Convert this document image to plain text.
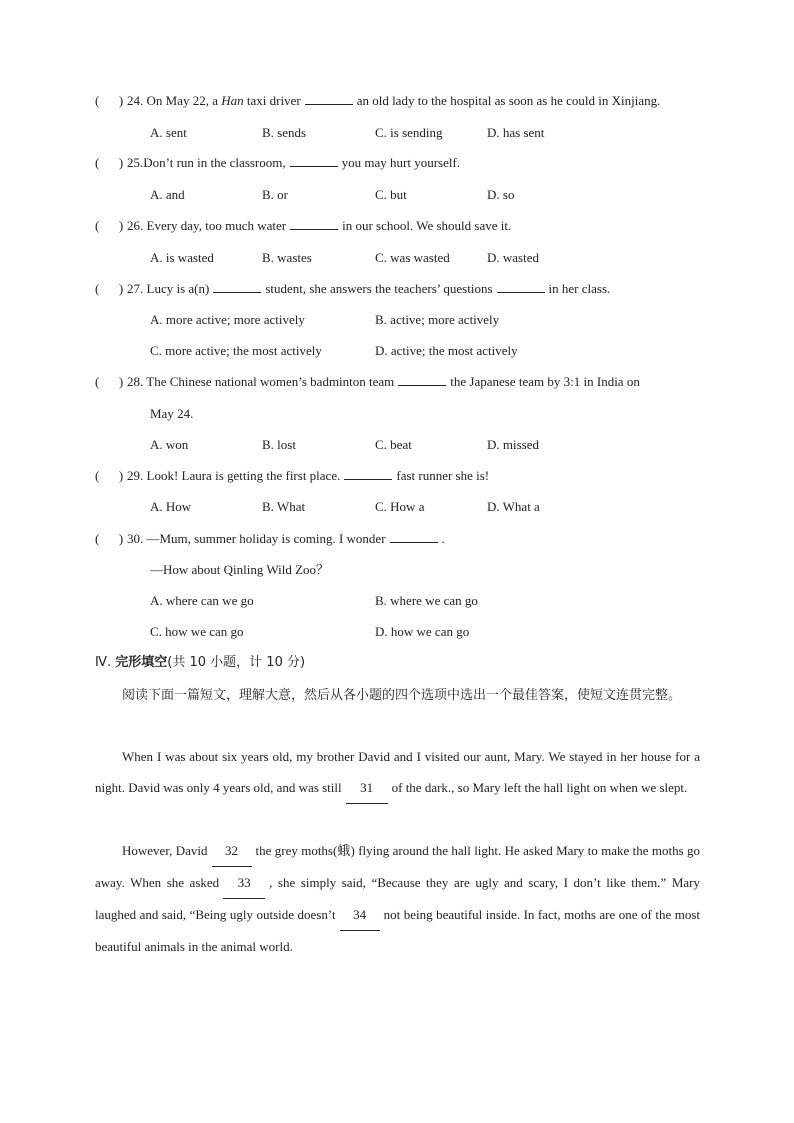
(      ) 24. On May 22, a Han taxi driver	an old lady to the hospital as soon as he could in Xinjiang.
A. sent	B. sends	C. is sending	D. has sent
(      ) 25.Don’t run in the classroom,	you may hurt yourself.
A. and	B. or	C. but	D. so
(      ) 26. Every day, too much water	in our school. We should save it.
A. is wasted	B. wastes	C. was wasted	D. wasted
(      ) 27. Lucy is a(n)	student, she answers the teachers’ questions	in her class.
A. more active; more actively	B. active; more actively
C. more active; the most actively	D. active; the most actively
(      ) 28. The Chinese national women’s badminton team	the Japanese team by 3:1 in India on
May 24.
A. won	B. lost	C. beat	D. missed
(      ) 29. Look! Laura is getting the first place.	fast runner she is!
A. How	B. What	C. How a	D. What a
(      ) 30. —Mum, summer holiday is coming. I wonder	.
—How about Qinling Wild Zoo？
A. where can we go	B. where we can go
C. how we can go	D. how we can go
Ⅳ. 完形填空(共 10 小题，计 10 分)
阅读下面一篇短文，理解大意，然后从各小题的四个选项中选出一个最佳答案，使短文连贯完整。
When I was about six years old, my brother David and I visited our aunt, Mary. We stayed in her house for a night. David was only 4 years old, and was still 31 of the dark., so Mary left the hall light on when we slept.
However, David 32 the grey moths(蛾) flying around the hall light. He asked Mary to make the moths go away. When she asked 33 , she simply said, “Because they are ugly and scary, I don’t like them.” Mary laughed and said, “Being ugly outside doesn’t 34 not being beautiful inside. In fact, moths are one of the most beautiful animals in the animal world.
